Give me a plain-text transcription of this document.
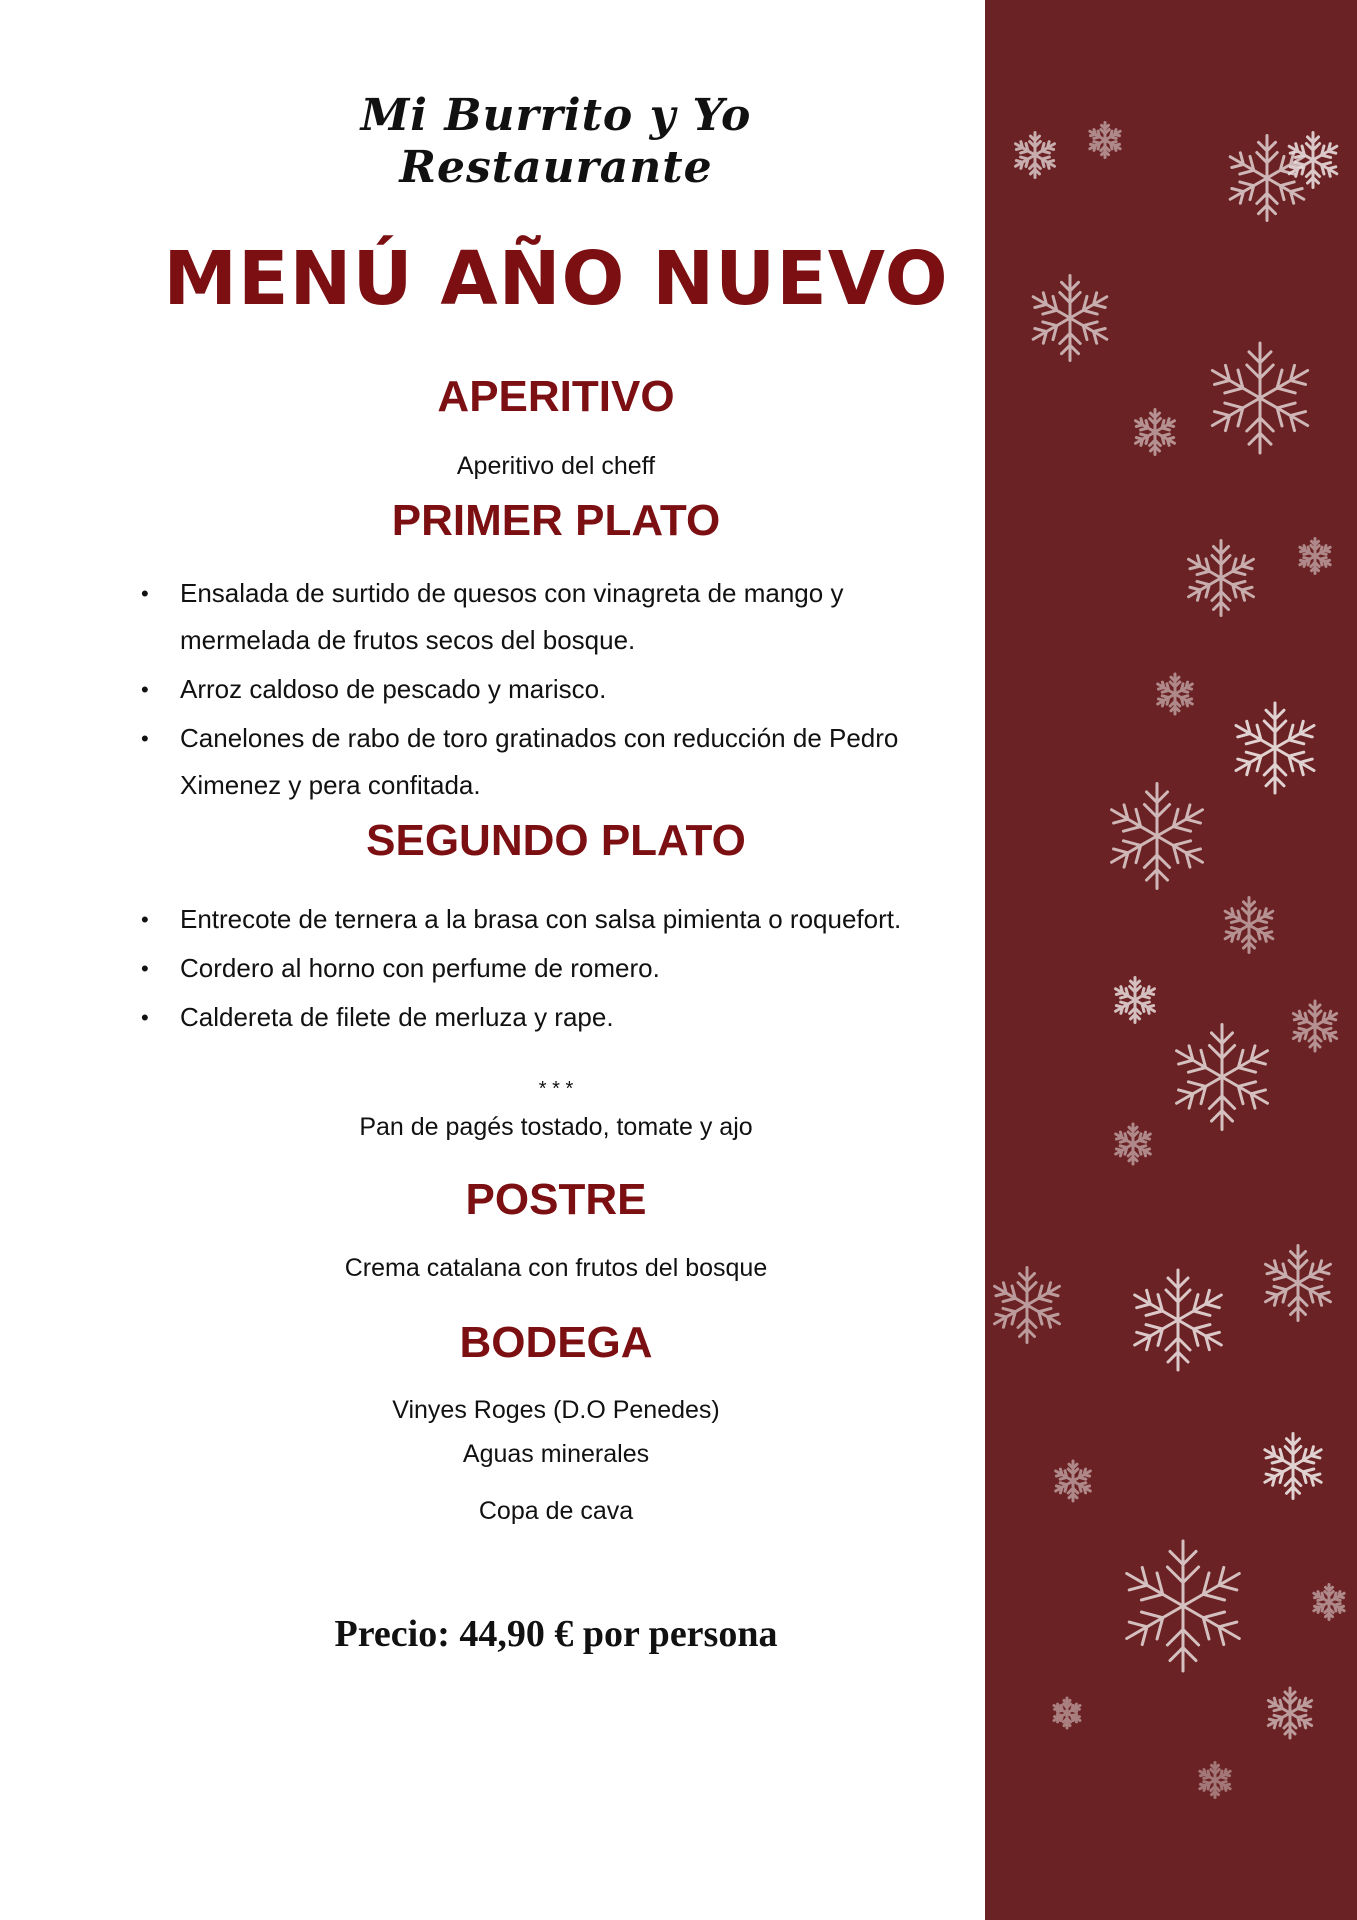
Mi Burrito y Yo
Restaurante
MENÚ AÑO NUEVO
APERITIVO
Aperitivo del cheff
PRIMER PLATO
• Ensalada de surtido de quesos con vinagreta de mango y mermelada de frutos secos del bosque.
• Arroz caldoso de pescado y marisco.
• Canelones de rabo de toro gratinados con reducción de Pedro Ximenez y pera confitada.
SEGUNDO PLATO
• Entrecote de ternera a la brasa con salsa pimienta o roquefort.
• Cordero al horno con perfume de romero.
• Caldereta de filete de merluza y rape.
* * *
Pan de pagés tostado, tomate y ajo
POSTRE
Crema catalana con frutos del bosque
BODEGA
Vinyes Roges (D.O Penedes)
Aguas minerales
Copa de cava
Precio: 44,90 € por persona
